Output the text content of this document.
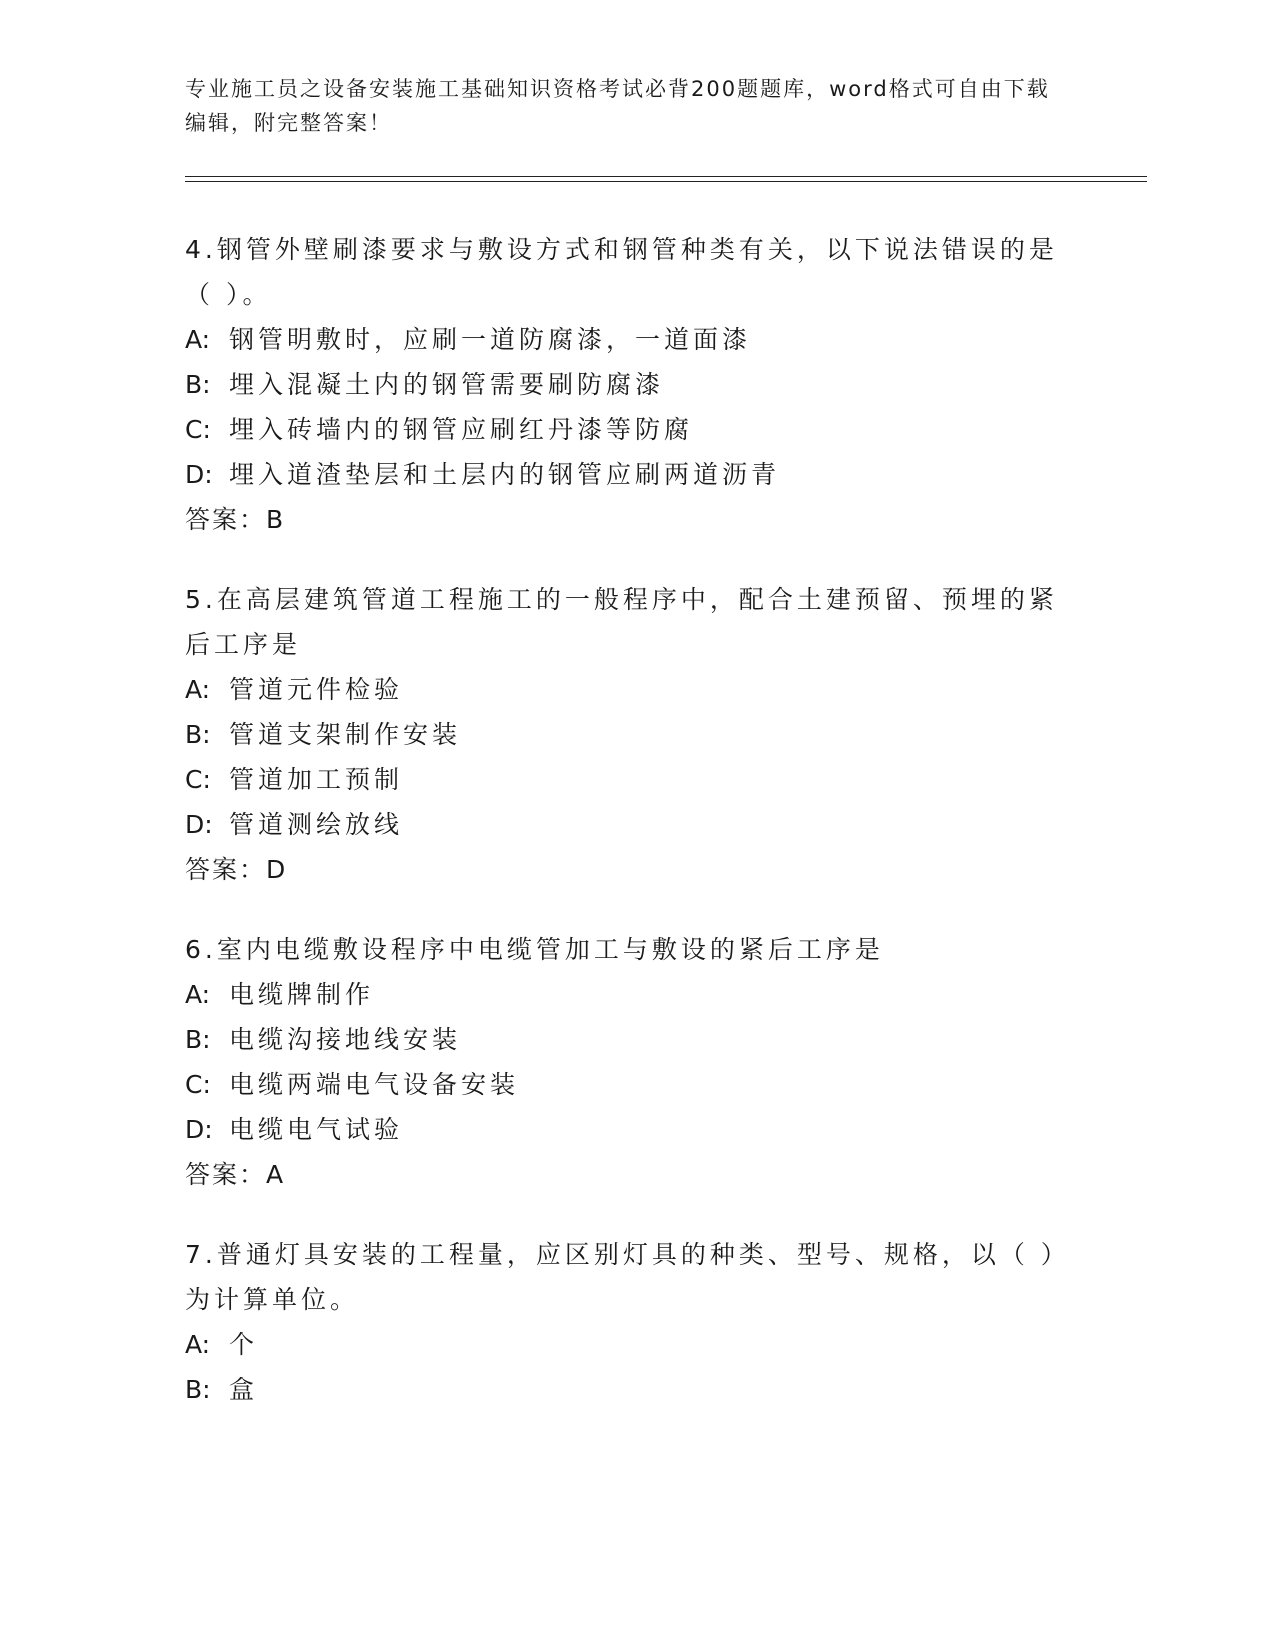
专业施工员之设备安装施工基础知识资格考试必背200题题库，word格式可自由下载编辑，附完整答案！

4.钢管外壁刷漆要求与敷设方式和钢管种类有关，以下说法错误的是（ ）。

A: 钢管明敷时，应刷一道防腐漆，一道面漆

B: 埋入混凝土内的钢管需要刷防腐漆

C: 埋入砖墙内的钢管应刷红丹漆等防腐

D: 埋入道渣垫层和土层内的钢管应刷两道沥青

答案：B

5.在高层建筑管道工程施工的一般程序中，配合土建预留、预埋的紧后工序是

A: 管道元件检验

B: 管道支架制作安装

C: 管道加工预制

D: 管道测绘放线

答案：D

6.室内电缆敷设程序中电缆管加工与敷设的紧后工序是

A: 电缆牌制作

B: 电缆沟接地线安装

C: 电缆两端电气设备安装

D: 电缆电气试验

答案：A

7.普通灯具安装的工程量，应区别灯具的种类、型号、规格，以（ ）为计算单位。

A: 个

B: 盒
